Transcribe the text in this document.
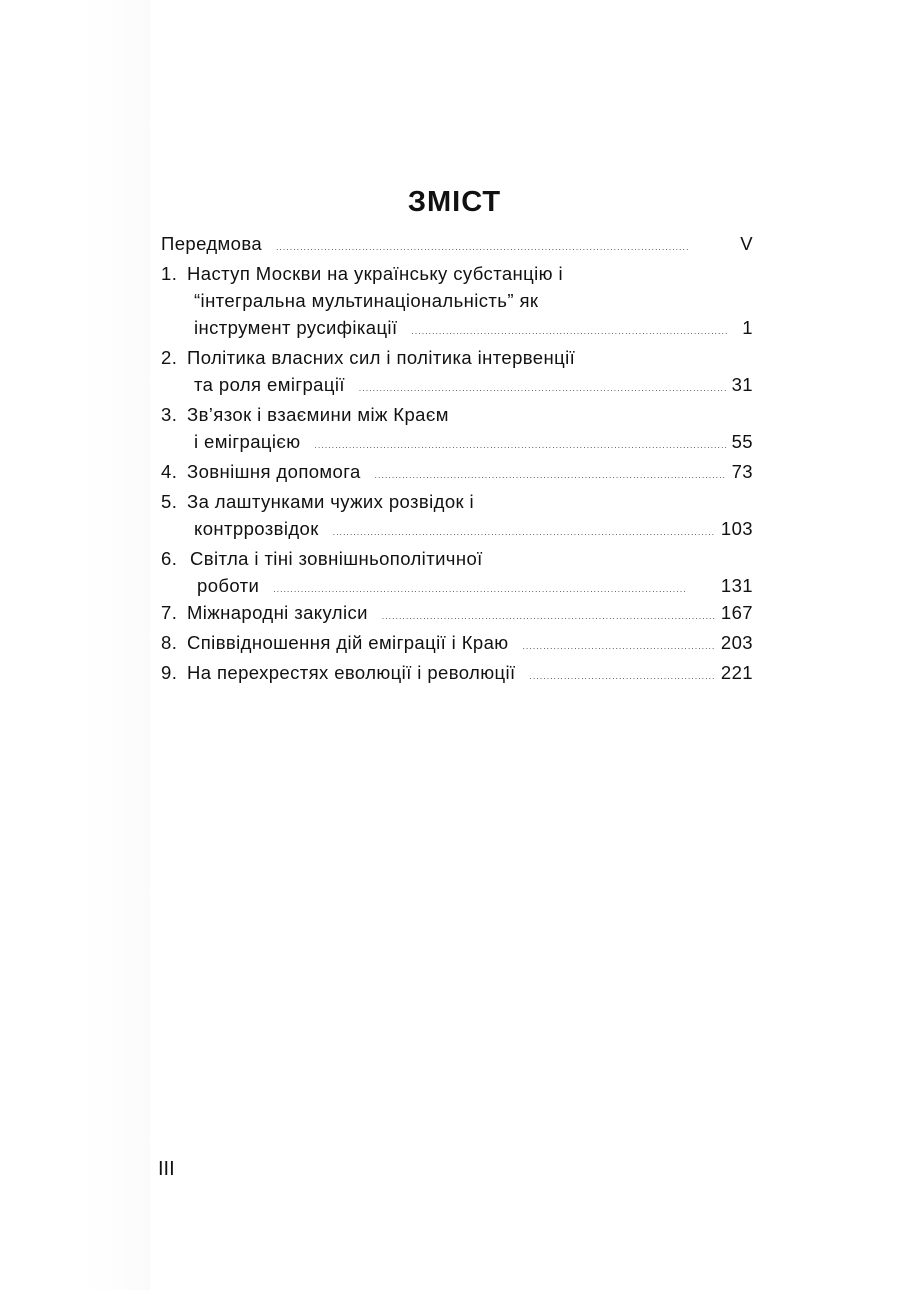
ЗМІСТ
Передмова . . .	V
1. Наступ Москви на українську субстанцію і
“інтегральна мультинаціональність” як
інструмент русифікації . . .	1
2. Політика власних сил і політика інтервенції
та роля еміграції . . .	31
3. Зв’язок і взаємини між Краєм
і еміграцією . . .	55
4. Зовнішня допомога . . .	73
5. За лаштунками чужих розвідок і
контррозвідок . . .	103
6. Світла і тіні зовнішньополітичної
роботи . . .	131
7. Міжнародні закуліси . . .	167
8. Співвідношення дій еміграції і Краю . . .	203
9. На перехрестях еволюції і революції . . .	221

III
